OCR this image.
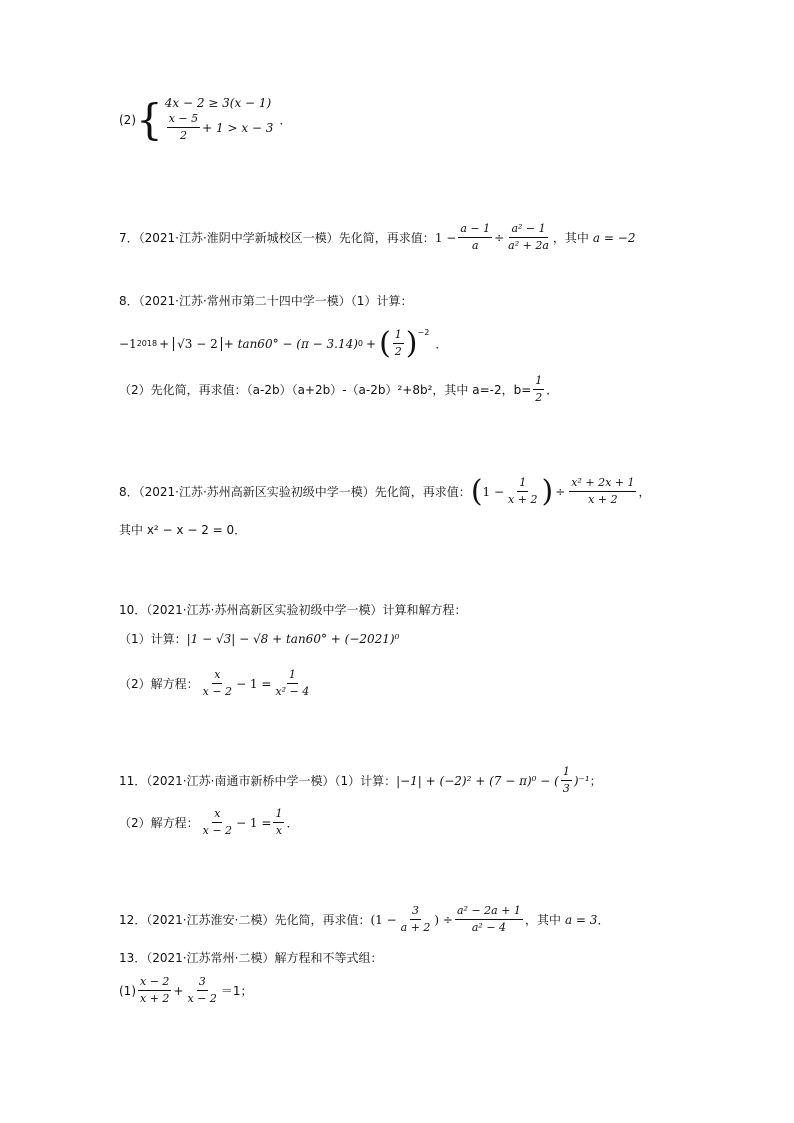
(2) { 4x − 2 ≥ 3(x − 1)
$\frac{x - 5}{2} + 1 > x - 3$
．
7．（2021·江苏·淮阴中学新城校区一模）先化简，再求值： $1 - \frac{a - 1}{a} \div \frac{\text{a² − 1}}{\text{a² + 2a}}$ ，其中 a = −2
8．（2021·江苏·常州市第二十四中学一模）（1）计算：
−1 2018 + √3 − 2 + tan60° − (π − 3.14) 0 + ( $\frac{1}{2} )^{-2}$
．
（2）先化简，再求值：（a-2b）（a+2b）-（a-2b）²+8b²，其中 a=-2，$b= \frac{1}{2}$ ．
8．（2021·江苏·苏州高新区实验初级中学一模）先化简，再求值： ( $1 - \frac{1}{x + 2}$ ) ÷ $\frac{\text{x² + 2x + 1}}{x + 2}$ ，
其中 x² − x − 2 = 0．
10．（2021·江苏·苏州高新区实验初级中学一模）计算和解方程：
（1）计算： |1 − √3| − √8 + tan60° + (−2021)⁰
（2）解方程： $\frac{x}{x - 2} - 1 = \frac{1}{\text{x² − 4}}$
11．（2021·江苏·南通市新桥中学一模）（1）计算： |−1| + (−2)² + (7 − π)⁰ − ( $\frac{1}{3} )^{-1}$ ；
（2）解方程： $\frac{x}{x - 2} - 1 = \frac{1}{x}$ ．
12．（2021·江苏淮安·二模）先化简，再求值： ($1 - \frac{3}{a + 2}$ ) ÷ $\frac{\text{a² − 2a + 1}}{\text{a² − 4}}$ ，其中 a = 3 ．
13．（2021·江苏常州·二模）解方程和不等式组：
$(1) \frac{x - 2}{x + 2} + \frac{3}{x - 2} =1$；
